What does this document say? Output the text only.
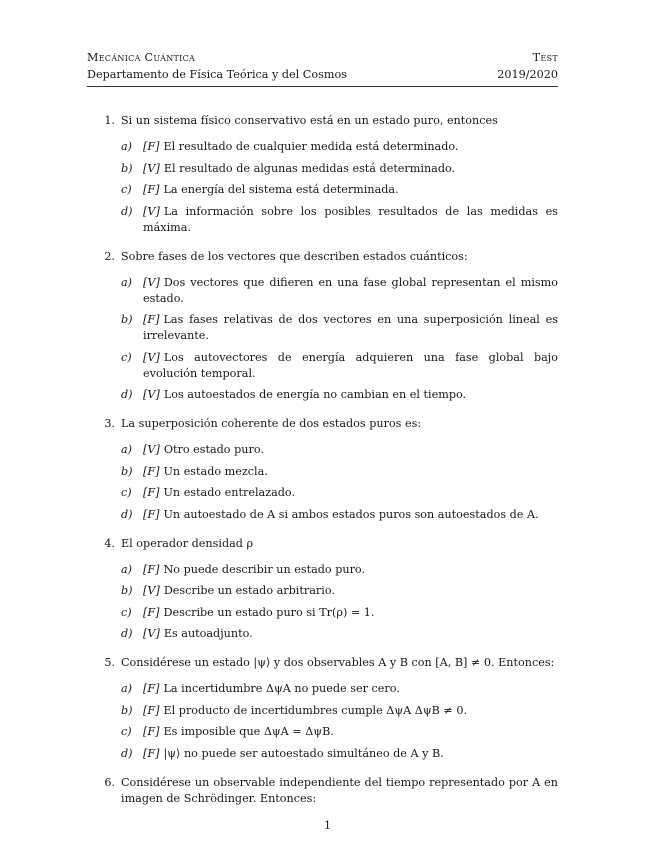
Mecánica Cuántica	Test
Departamento de Física Teórica y del Cosmos	2019/2020
1. Si un sistema físico conservativo está en un estado puro, entonces
a) [F] El resultado de cualquier medida está determinado.
b) [V] El resultado de algunas medidas está determinado.
c)	[F] La energía del sistema está determinada.
d) [V] La información sobre los posibles resultados de las medidas es máxima.
2. Sobre fases de los vectores que describen estados cuánticos:
a) [V] Dos vectores que difieren en una fase global representan el mismo estado.
b) [F] Las fases relativas de dos vectores en una superposición lineal es irrelevante.
c)	[V] Los autovectores de energía adquieren una fase global bajo evolución temporal.
d) [V] Los autoestados de energía no cambian en el tiempo.
3. La superposición coherente de dos estados puros es:
a) [V] Otro estado puro.
b) [F] Un estado mezcla.
c)	[F] Un estado entrelazado.
d) [F] Un autoestado de A si ambos estados puros son autoestados de A.
4. El operador densidad ρ
a) [F] No puede describir un estado puro.
b) [V] Describe un estado arbitrario.
c)	[F] Describe un estado puro si Tr(ρ) = 1.
d) [V] Es autoadjunto.
5. Considérese un estado |ψ⟩ y dos observables A y B con [A, B] ≠ 0. Entonces:
a) [F] La incertidumbre ΔψA no puede ser cero.
b) [F] El producto de incertidumbres cumple ΔψA ΔψB ≠ 0.
c)	[F] Es imposible que ΔψA = ΔψB.
d) [F] |ψ⟩ no puede ser autoestado simultáneo de A y B.
6. Considérese un observable independiente del tiempo representado por A en imagen de Schrödinger. Entonces:
1
